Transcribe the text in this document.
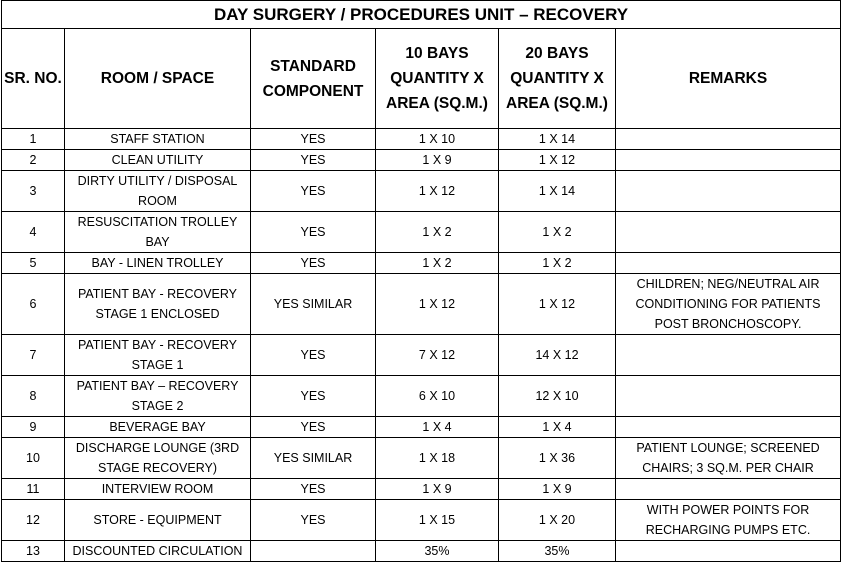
DAY SURGERY / PROCEDURES UNIT – RECOVERY					
SR. NO.	ROOM / SPACE	STANDARD COMPONENT	10 BAYS QUANTITY X AREA (SQ.M.)	20 BAYS QUANTITY X AREA (SQ.M.)	REMARKS
1	STAFF STATION	YES	1 X 10	1 X 14	
2	CLEAN UTILITY	YES	1 X 9	1 X 12	
3	DIRTY UTILITY / DISPOSAL ROOM	YES	1 X 12	1 X 14	
4	RESUSCITATION TROLLEY BAY	YES	1 X 2	1 X 2	
5	BAY - LINEN TROLLEY	YES	1 X 2	1 X 2	
6	PATIENT BAY - RECOVERY STAGE 1 ENCLOSED	YES SIMILAR	1 X 12	1 X 12	CHILDREN; NEG/NEUTRAL AIR CONDITIONING FOR PATIENTS POST BRONCHOSCOPY.
7	PATIENT BAY - RECOVERY STAGE 1	YES	7 X 12	14 X 12	
8	PATIENT BAY – RECOVERY STAGE 2	YES	6 X 10	12 X 10	
9	BEVERAGE BAY	YES	1 X 4	1 X 4	
10	DISCHARGE LOUNGE (3RD STAGE RECOVERY)	YES SIMILAR	1 X 18	1 X 36	PATIENT LOUNGE; SCREENED CHAIRS; 3 SQ.M. PER CHAIR
11	INTERVIEW ROOM	YES	1 X 9	1 X 9	
12	STORE - EQUIPMENT	YES	1 X 15	1 X 20	WITH POWER POINTS FOR RECHARGING PUMPS ETC.
13	DISCOUNTED CIRCULATION		35%	35%	
